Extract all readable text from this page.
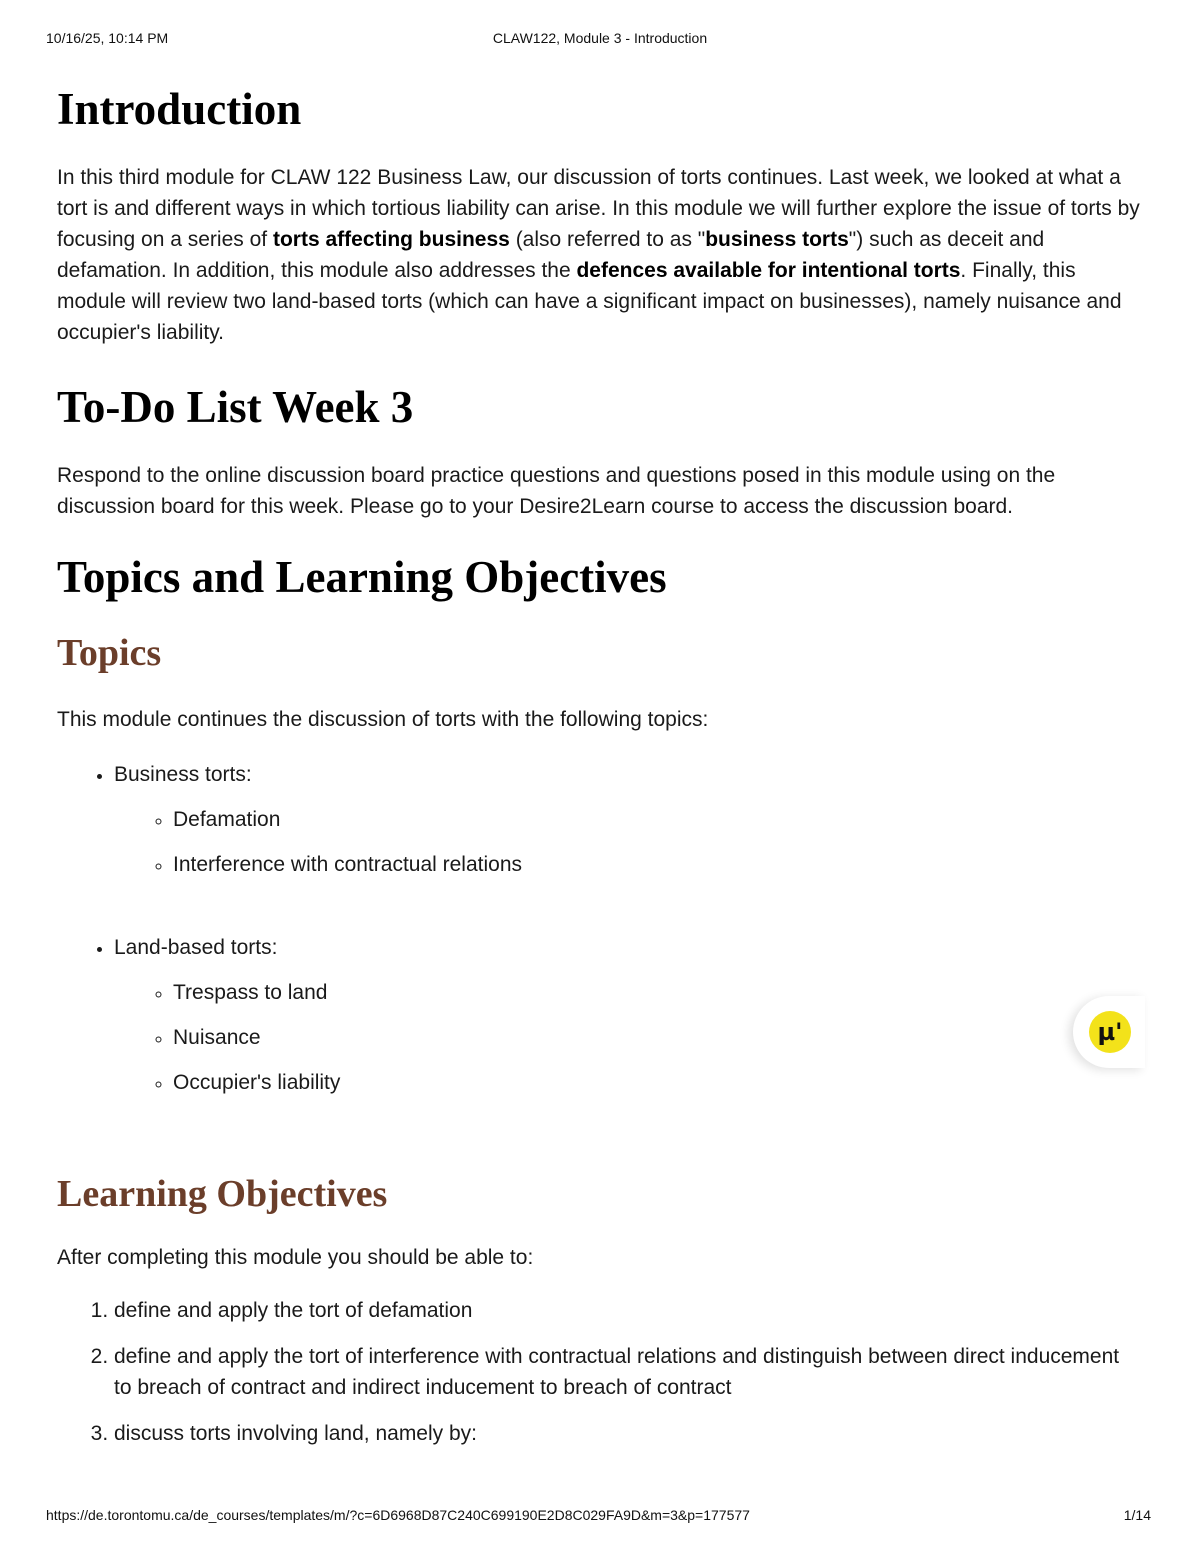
10/16/25, 10:14 PM	CLAW122, Module 3 - Introduction
Introduction

In this third module for CLAW 122 Business Law, our discussion of torts continues. Last week, we looked at what a tort is and different ways in which tortious liability can arise. In this module we will further explore the issue of torts by focusing on a series of torts affecting business (also referred to as "business torts") such as deceit and defamation. In addition, this module also addresses the defences available for intentional torts. Finally, this module will review two land-based torts (which can have a significant impact on businesses), namely nuisance and occupier's liability.

To-Do List Week 3

Respond to the online discussion board practice questions and questions posed in this module using on the discussion board for this week. Please go to your Desire2Learn course to access the discussion board.

Topics and Learning Objectives
Topics

This module continues the discussion of torts with the following topics:

• Business torts:
◦ Defamation
◦ Interference with contractual relations
• Land-based torts:
◦ Trespass to land
◦ Nuisance
◦ Occupier's liability
Learning Objectives

After completing this module you should be able to:

1. define and apply the tort of defamation
2. define and apply the tort of interference with contractual relations and distinguish between direct inducement to breach of contract and indirect inducement to breach of contract
3. discuss torts involving land, namely by:
µ'
https://de.torontomu.ca/de_courses/templates/m/?c=6D6968D87C240C699190E2D8C029FA9D&m=3&p=177577	1/14
